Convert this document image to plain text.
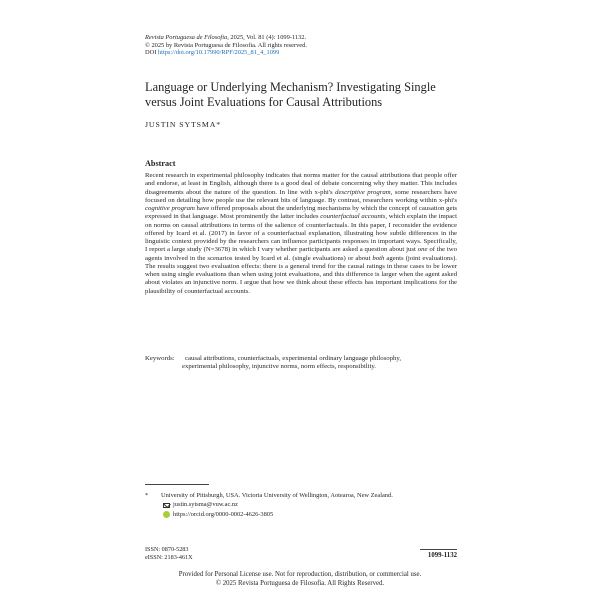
Revista Portuguesa de Filosofia, 2025, Vol. 81 (4): 1099-1132.
© 2025 by Revista Portuguesa de Filosofia. All rights reserved.
DOI https://doi.org/10.17990/RPF/2025_81_4_1099
Language or Underlying Mechanism? Investigating Single versus Joint Evaluations for Causal Attributions
JUSTIN SYTSMA*
Abstract

Recent research in experimental philosophy indicates that norms matter for the causal attributions that people offer and endorse, at least in English, although there is a good deal of debate concerning why they matter. This includes disagreements about the nature of the question. In line with x-phi's descriptive program, some researchers have focused on detailing how people use the relevant bits of language. By contrast, researchers working within x-phi's cognitive program have offered proposals about the underlying mechanisms by which the concept of causation gets expressed in that language. Most prominently the latter includes counterfactual accounts, which explain the impact on norms on causal attributions in terms of the salience of counterfactuals. In this paper, I reconsider the evidence offered by Icard et al. (2017) in favor of a counterfactual explanation, illustrating how subtle differences in the linguistic context provided by the researchers can influence participants responses in important ways. Specifically, I report a large study (N=3678) in which I vary whether participants are asked a question about just one of the two agents involved in the scenarios tested by Icard et al. (single evaluations) or about both agents (joint evaluations). The results suggest two evaluation effects: there is a general trend for the causal ratings in these cases to be lower when using single evaluations than when using joint evaluations, and this difference is larger when the agent asked about violates an injunctive norm. I argue that how we think about these effects has important implications for the plausibility of counterfactual accounts.

Keywords: causal attributions, counterfactuals, experimental ordinary language philosophy,
experimental philosophy, injunctive norms, norm effects, responsibility.
* University of Pittsburgh, USA. Victoria University of Wellington, Aotearoa, New Zealand.
justin.sytsma@vuw.ac.nz
https://orcid.org/0000-0002-4626-3805
ISSN: 0870-5283
eISSN: 2183-461X	1099-1132
Provided for Personal License use. Not for reproduction, distribution, or commercial use.
© 2025 Revista Portuguesa de Filosofia. All Rights Reserved.
